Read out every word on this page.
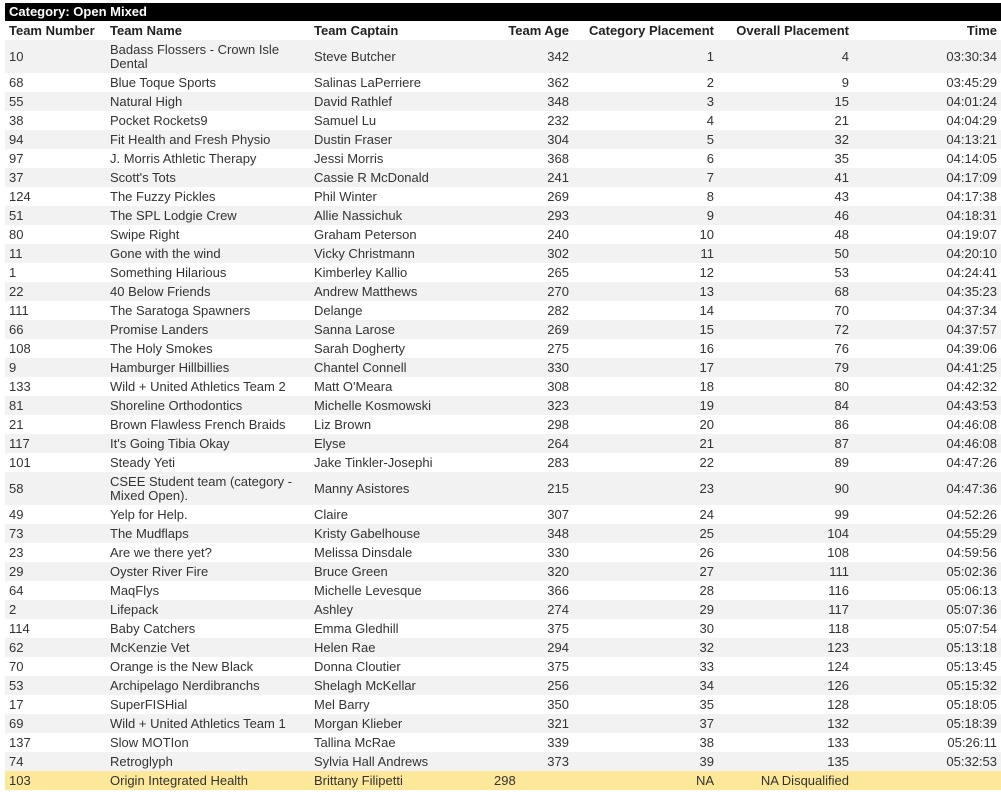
Category: Open Mixed
Team Number	Team Name	Team Captain	Team Age	Category Placement	Overall Placement	Time
10	Badass Flossers - Crown Isle Dental	Steve Butcher	342	1	4	03:30:34
68	Blue Toque Sports	Salinas LaPerriere	362	2	9	03:45:29
55	Natural High	David Rathlef	348	3	15	04:01:24
38	Pocket Rockets9	Samuel Lu	232	4	21	04:04:29
94	Fit Health and Fresh Physio	Dustin Fraser	304	5	32	04:13:21
97	J. Morris Athletic Therapy	Jessi Morris	368	6	35	04:14:05
37	Scott's Tots	Cassie R McDonald	241	7	41	04:17:09
124	The Fuzzy Pickles	Phil Winter	269	8	43	04:17:38
51	The SPL Lodgie Crew	Allie Nassichuk	293	9	46	04:18:31
80	Swipe Right	Graham Peterson	240	10	48	04:19:07
11	Gone with the wind	Vicky Christmann	302	11	50	04:20:10
1	Something Hilarious	Kimberley Kallio	265	12	53	04:24:41
22	40 Below Friends	Andrew Matthews	270	13	68	04:35:23
111	The Saratoga Spawners	Delange	282	14	70	04:37:34
66	Promise Landers	Sanna Larose	269	15	72	04:37:57
108	The Holy Smokes	Sarah Dogherty	275	16	76	04:39:06
9	Hamburger Hillbillies	Chantel Connell	330	17	79	04:41:25
133	Wild + United Athletics Team 2	Matt O'Meara	308	18	80	04:42:32
81	Shoreline Orthodontics	Michelle Kosmowski	323	19	84	04:43:53
21	Brown Flawless French Braids	Liz Brown	298	20	86	04:46:08
117	It's Going Tibia Okay	Elyse	264	21	87	04:46:08
101	Steady Yeti	Jake Tinkler-Josephi	283	22	89	04:47:26
58	CSEE Student team (category - Mixed Open).	Manny Asistores	215	23	90	04:47:36
49	Yelp for Help.	Claire	307	24	99	04:52:26
73	The Mudflaps	Kristy Gabelhouse	348	25	104	04:55:29
23	Are we there yet?	Melissa Dinsdale	330	26	108	04:59:56
29	Oyster River Fire	Bruce Green	320	27	111	05:02:36
64	MaqFlys	Michelle Levesque	366	28	116	05:06:13
2	Lifepack	Ashley	274	29	117	05:07:36
114	Baby Catchers	Emma Gledhill	375	30	118	05:07:54
62	McKenzie Vet	Helen Rae	294	32	123	05:13:18
70	Orange is the New Black	Donna Cloutier	375	33	124	05:13:45
53	Archipelago Nerdibranchs	Shelagh McKellar	256	34	126	05:15:32
17	SuperFISHial	Mel Barry	350	35	128	05:18:05
69	Wild + United Athletics Team 1	Morgan Klieber	321	37	132	05:18:39
137	Slow MOTIon	Tallina McRae	339	38	133	05:26:11
74	Retroglyph	Sylvia Hall Andrews	373	39	135	05:32:53
103	Origin Integrated Health	Brittany Filipetti	298	NA	NA Disqualified	
